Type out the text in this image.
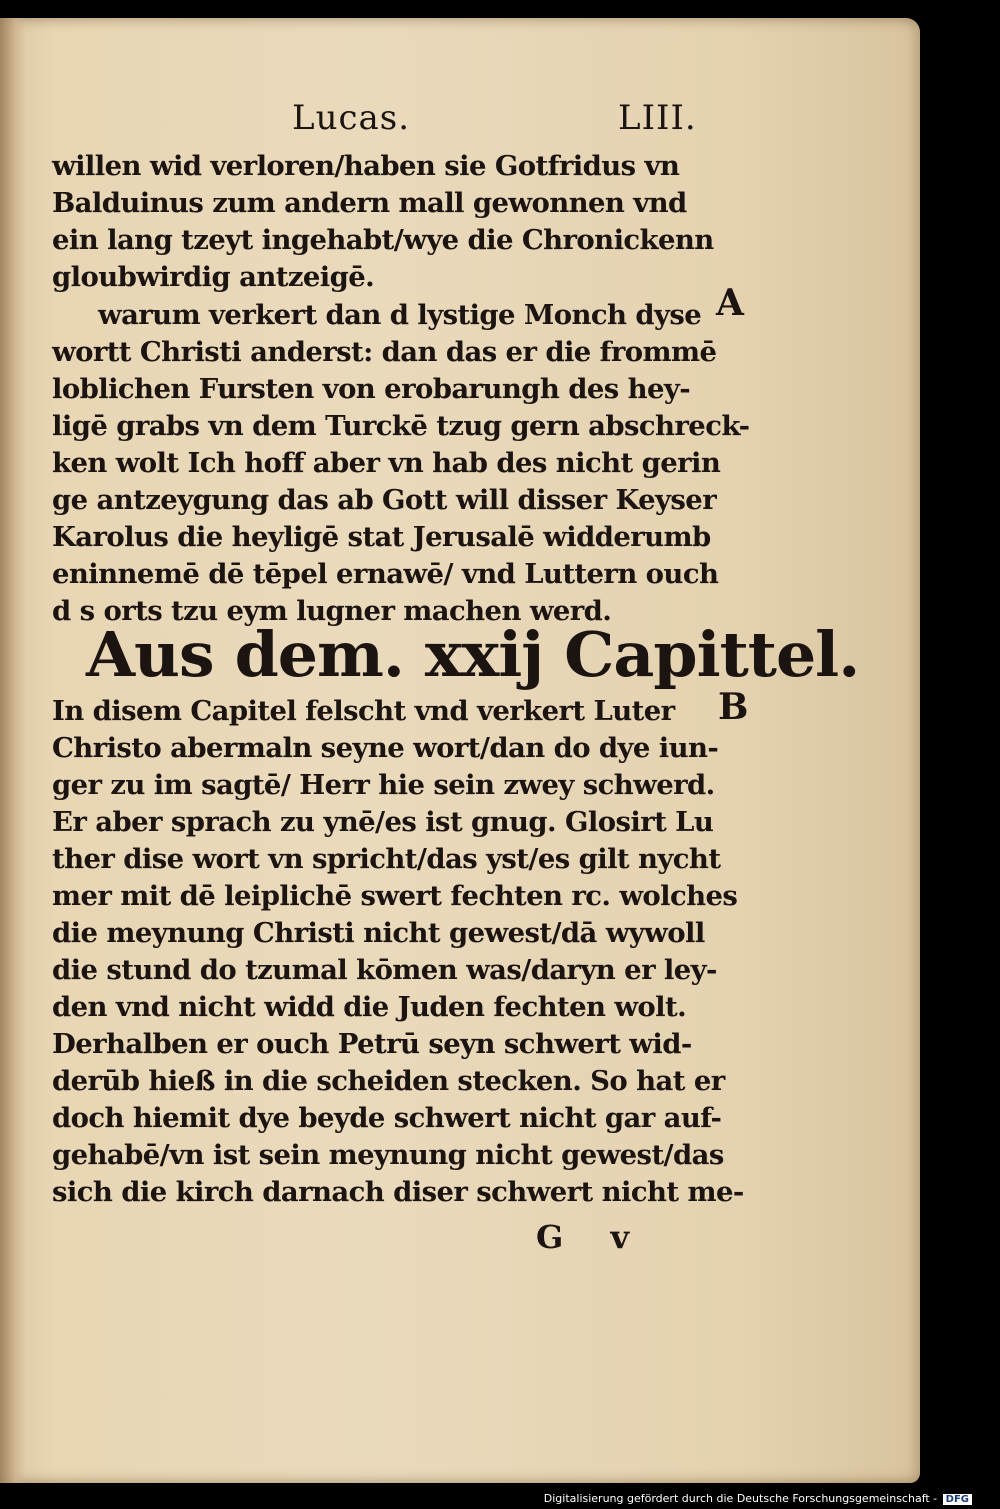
Lucas.	LIII.
willen wid verloren/haben sie Gotfridus vn
Balduinus zum andern mall gewonnen vnd
ein lang tzeyt ingehabt/wye die Chronickenn
gloubwirdig antzeigē.
warum verkert dan d lystige Monch dyse
wortt Christi anderst: dan das er die frommē
loblichen Fursten von erobarungh des hey-
ligē grabs vn dem Turckē tzug gern abschreck-
ken wolt Ich hoff aber vn hab des nicht gerin
ge antzeygung das ab Gott will disser Keyser
Karolus die heyligē stat Jerusalē widderumb
eninnemē dē tēpel ernawē/ vnd Luttern ouch
d s orts tzu eym lugner machen werd.
Aus dem. xxij Capittel.
In disem Capitel felscht vnd verkert Luter
Christo abermaln seyne wort/dan do dye iun-
ger zu im sagtē/ Herr hie sein zwey schwerd.
Er aber sprach zu ynē/es ist gnug. Glosirt Lu
ther dise wort vn spricht/das yst/es gilt nycht
mer mit dē leiplichē swert fechten rc. wolches
die meynung Christi nicht gewest/dā wywoll
die stund do tzumal kōmen was/daryn er ley-
den vnd nicht widd die Juden fechten wolt.
Derhalben er ouch Petrū seyn schwert wid-
derūb hieß in die scheiden stecken. So hat er
doch hiemit dye beyde schwert nicht gar auf-
gehabē/vn ist sein meynung nicht gewest/das
sich die kirch darnach diser schwert nicht me-
G v
A
B
Digitalisierung gefördert durch die Deutsche Forschungsgemeinschaft - DFG
